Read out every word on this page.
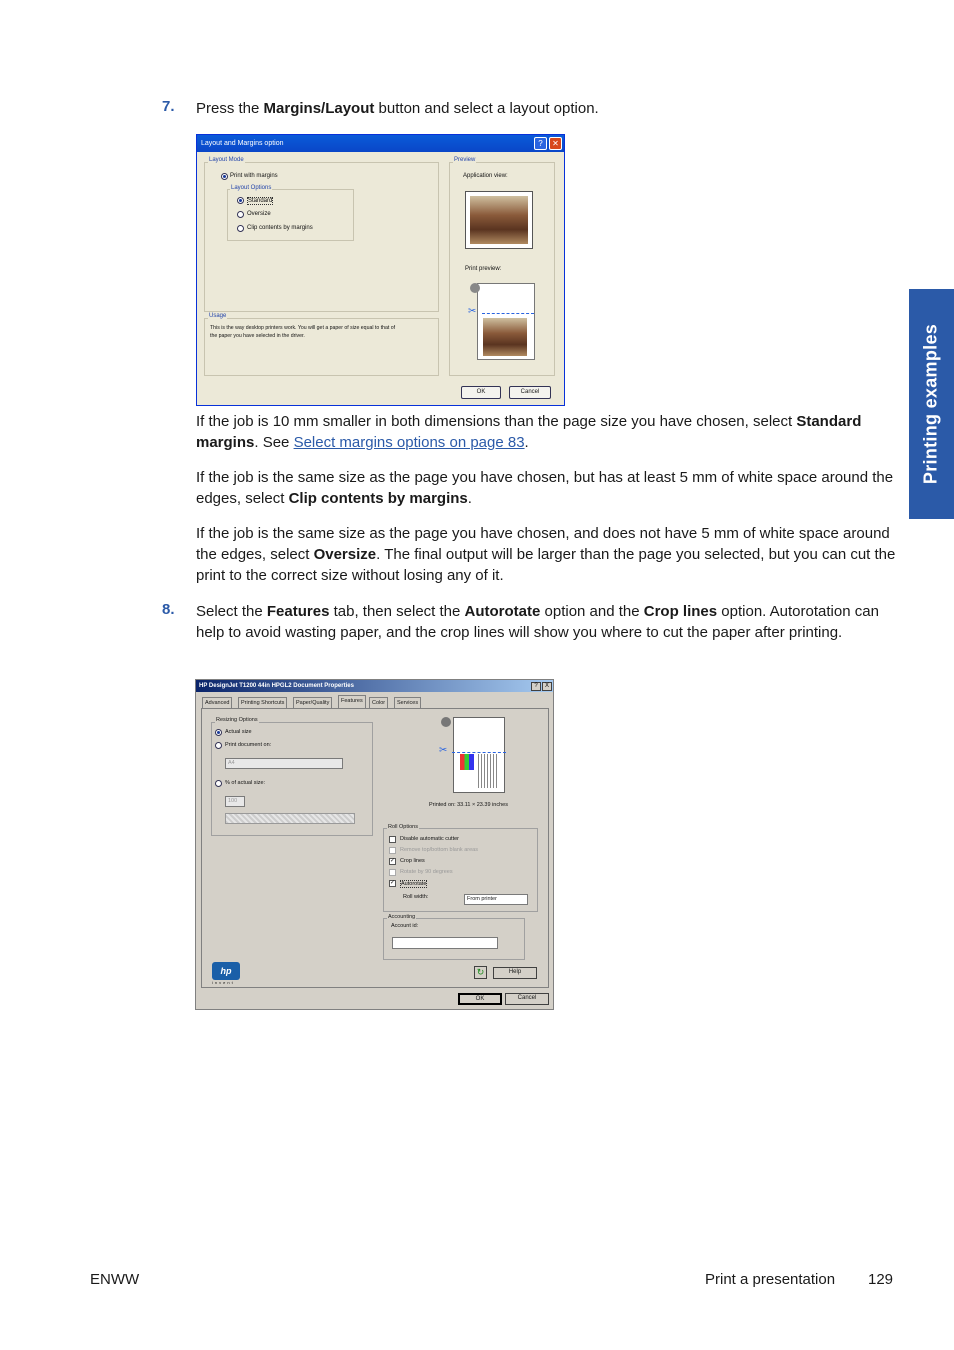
Printing examples
7. Press the Margins/Layout button and select a layout option.
Layout and Margins option	?	✕
Layout Mode
Print with margins
Layout Options
Standard
Oversize
Clip contents by margins
Preview
Application view:
Print preview:
✂
Usage
This is the way desktop printers work. You will get a paper of size equal to that of
the paper you have selected in the driver.
OK	Cancel
If the job is 10 mm smaller in both dimensions than the page size you have chosen, select Standard margins. See Select margins options on page 83.
If the job is the same size as the page you have chosen, but has at least 5 mm of white space around the edges, select Clip contents by margins.
If the job is the same size as the page you have chosen, and does not have 5 mm of white space around the edges, select Oversize. The final output will be larger than the page you selected, but you can cut the print to the correct size without losing any of it.
8. Select the Features tab, then select the Autorotate option and the Crop lines option. Autorotation can help to avoid wasting paper, and the crop lines will show you where to cut the paper after printing.
HP DesignJet T1200 44in HPGL2 Document Properties	?	X
Advanced	Printing Shortcuts	Paper/Quality	Features	Color	Services
Resizing Options
Actual size
Print document on:
A4
% of actual size:
100
✂
Printed on: 33.11 × 23.39 inches
Roll Options
Disable automatic cutter
Remove top/bottom blank areas
✓ Crop lines
Rotate by 90 degrees
✓ Autorotate
Roll width:	From printer
Accounting
Account id:
hp
invent
↻	Help
OK	Cancel
ENWW	Print a presentation 129
